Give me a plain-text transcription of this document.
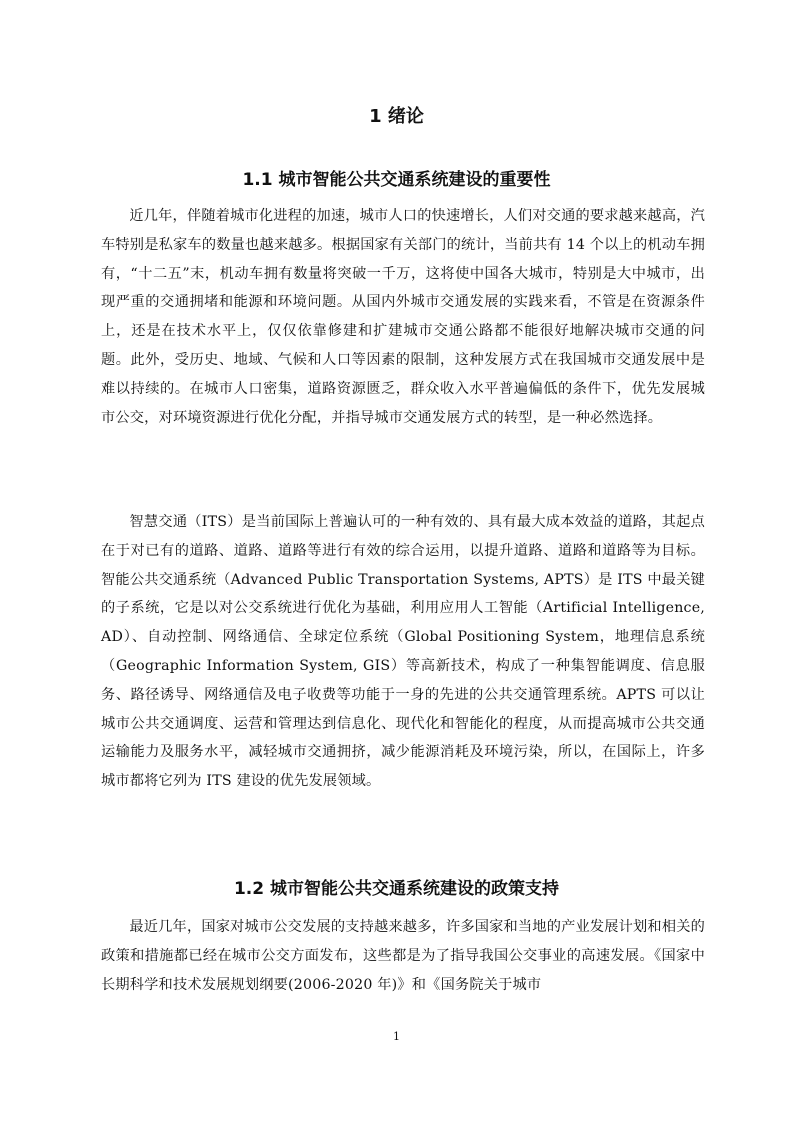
1 绪论
1.1 城市智能公共交通系统建设的重要性

近几年，伴随着城市化进程的加速，城市人口的快速增长，人们对交通的要求越来越高，汽车特别是私家车的数量也越来越多。根据国家有关部门的统计，当前共有 14 个以上的机动车拥有，“十二五”末，机动车拥有数量将突破一千万，这将使中国各大城市，特别是大中城市，出现严重的交通拥堵和能源和环境问题。从国内外城市交通发展的实践来看，不管是在资源条件上，还是在技术水平上，仅仅依靠修建和扩建城市交通公路都不能很好地解决城市交通的问题。此外，受历史、地域、气候和人口等因素的限制，这种发展方式在我国城市交通发展中是难以持续的。在城市人口密集，道路资源匮乏，群众收入水平普遍偏低的条件下，优先发展城市公交，对环境资源进行优化分配，并指导城市交通发展方式的转型，是一种必然选择。

智慧交通（ITS）是当前国际上普遍认可的一种有效的、具有最大成本效益的道路，其起点在于对已有的道路、道路、道路等进行有效的综合运用，以提升道路、道路和道路等为目标。智能公共交通系统（Advanced Public Transportation Systems, APTS）是 ITS 中最关键的子系统，它是以对公交系统进行优化为基础，利用应用人工智能（Artificial Intelligence, AD）、自动控制、网络通信、全球定位系统（Global Positioning System，地理信息系统（Geographic Information System, GIS）等高新技术，构成了一种集智能调度、信息服务、路径诱导、网络通信及电子收费等功能于一身的先进的公共交通管理系统。APTS 可以让城市公共交通调度、运营和管理达到信息化、现代化和智能化的程度，从而提高城市公共交通运输能力及服务水平，减轻城市交通拥挤，减少能源消耗及环境污染，所以，在国际上，许多城市都将它列为 ITS 建设的优先发展领域。

1.2 城市智能公共交通系统建设的政策支持

最近几年，国家对城市公交发展的支持越来越多，许多国家和当地的产业发展计划和相关的政策和措施都已经在城市公交方面发布，这些都是为了指导我国公交事业的高速发展。《国家中长期科学和技术发展规划纲要(2006-2020 年)》和《国务院关于城市

1
